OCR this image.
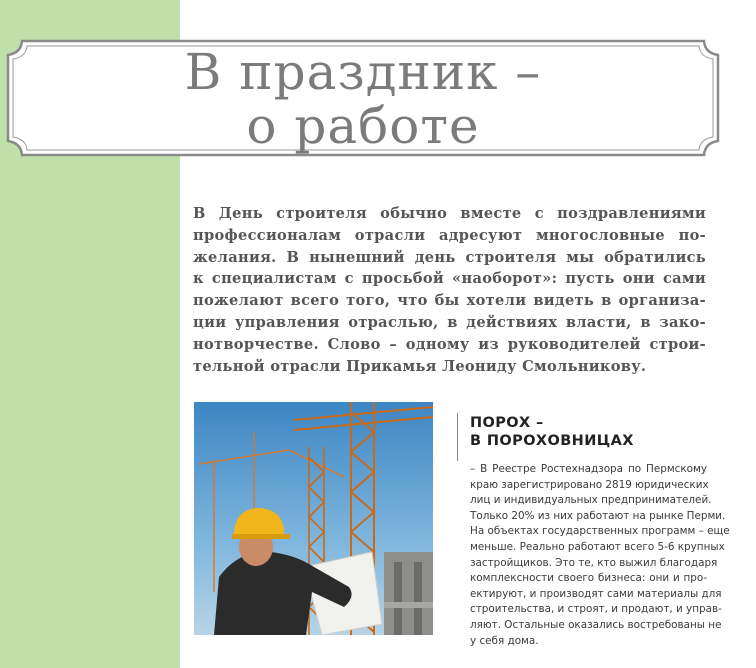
В праздник –
о работе
В День строителя обычно вместе с поздравлениями
профессионалам отрасли адресуют многословные по-
желания. В нынешний день строителя мы обратились
к специалистам с просьбой «наоборот»: пусть они сами
пожелают всего того, что бы хотели видеть в организа-
ции управления отраслью, в действиях власти, в зако-
нотворчестве. Слово – одному из руководителей строи-
тельной отрасли Прикамья Леониду Смольникову.
ПОРОХ –
В ПОРОХОВНИЦАХ
– В Реестре Ростехнадзора по Пермскому
краю зарегистрировано 2819 юридических
лиц и индивидуальных предпринимателей.
Только 20% из них работают на рынке Перми.
На объектах государственных программ – еще
меньше. Реально работают всего 5-6 крупных
застройщиков. Это те, кто выжил благодаря
комплексности своего бизнеса: они и про-
ектируют, и производят сами материалы для
строительства, и строят, и продают, и управ-
ляют. Остальные оказались востребованы не
у себя дома.
